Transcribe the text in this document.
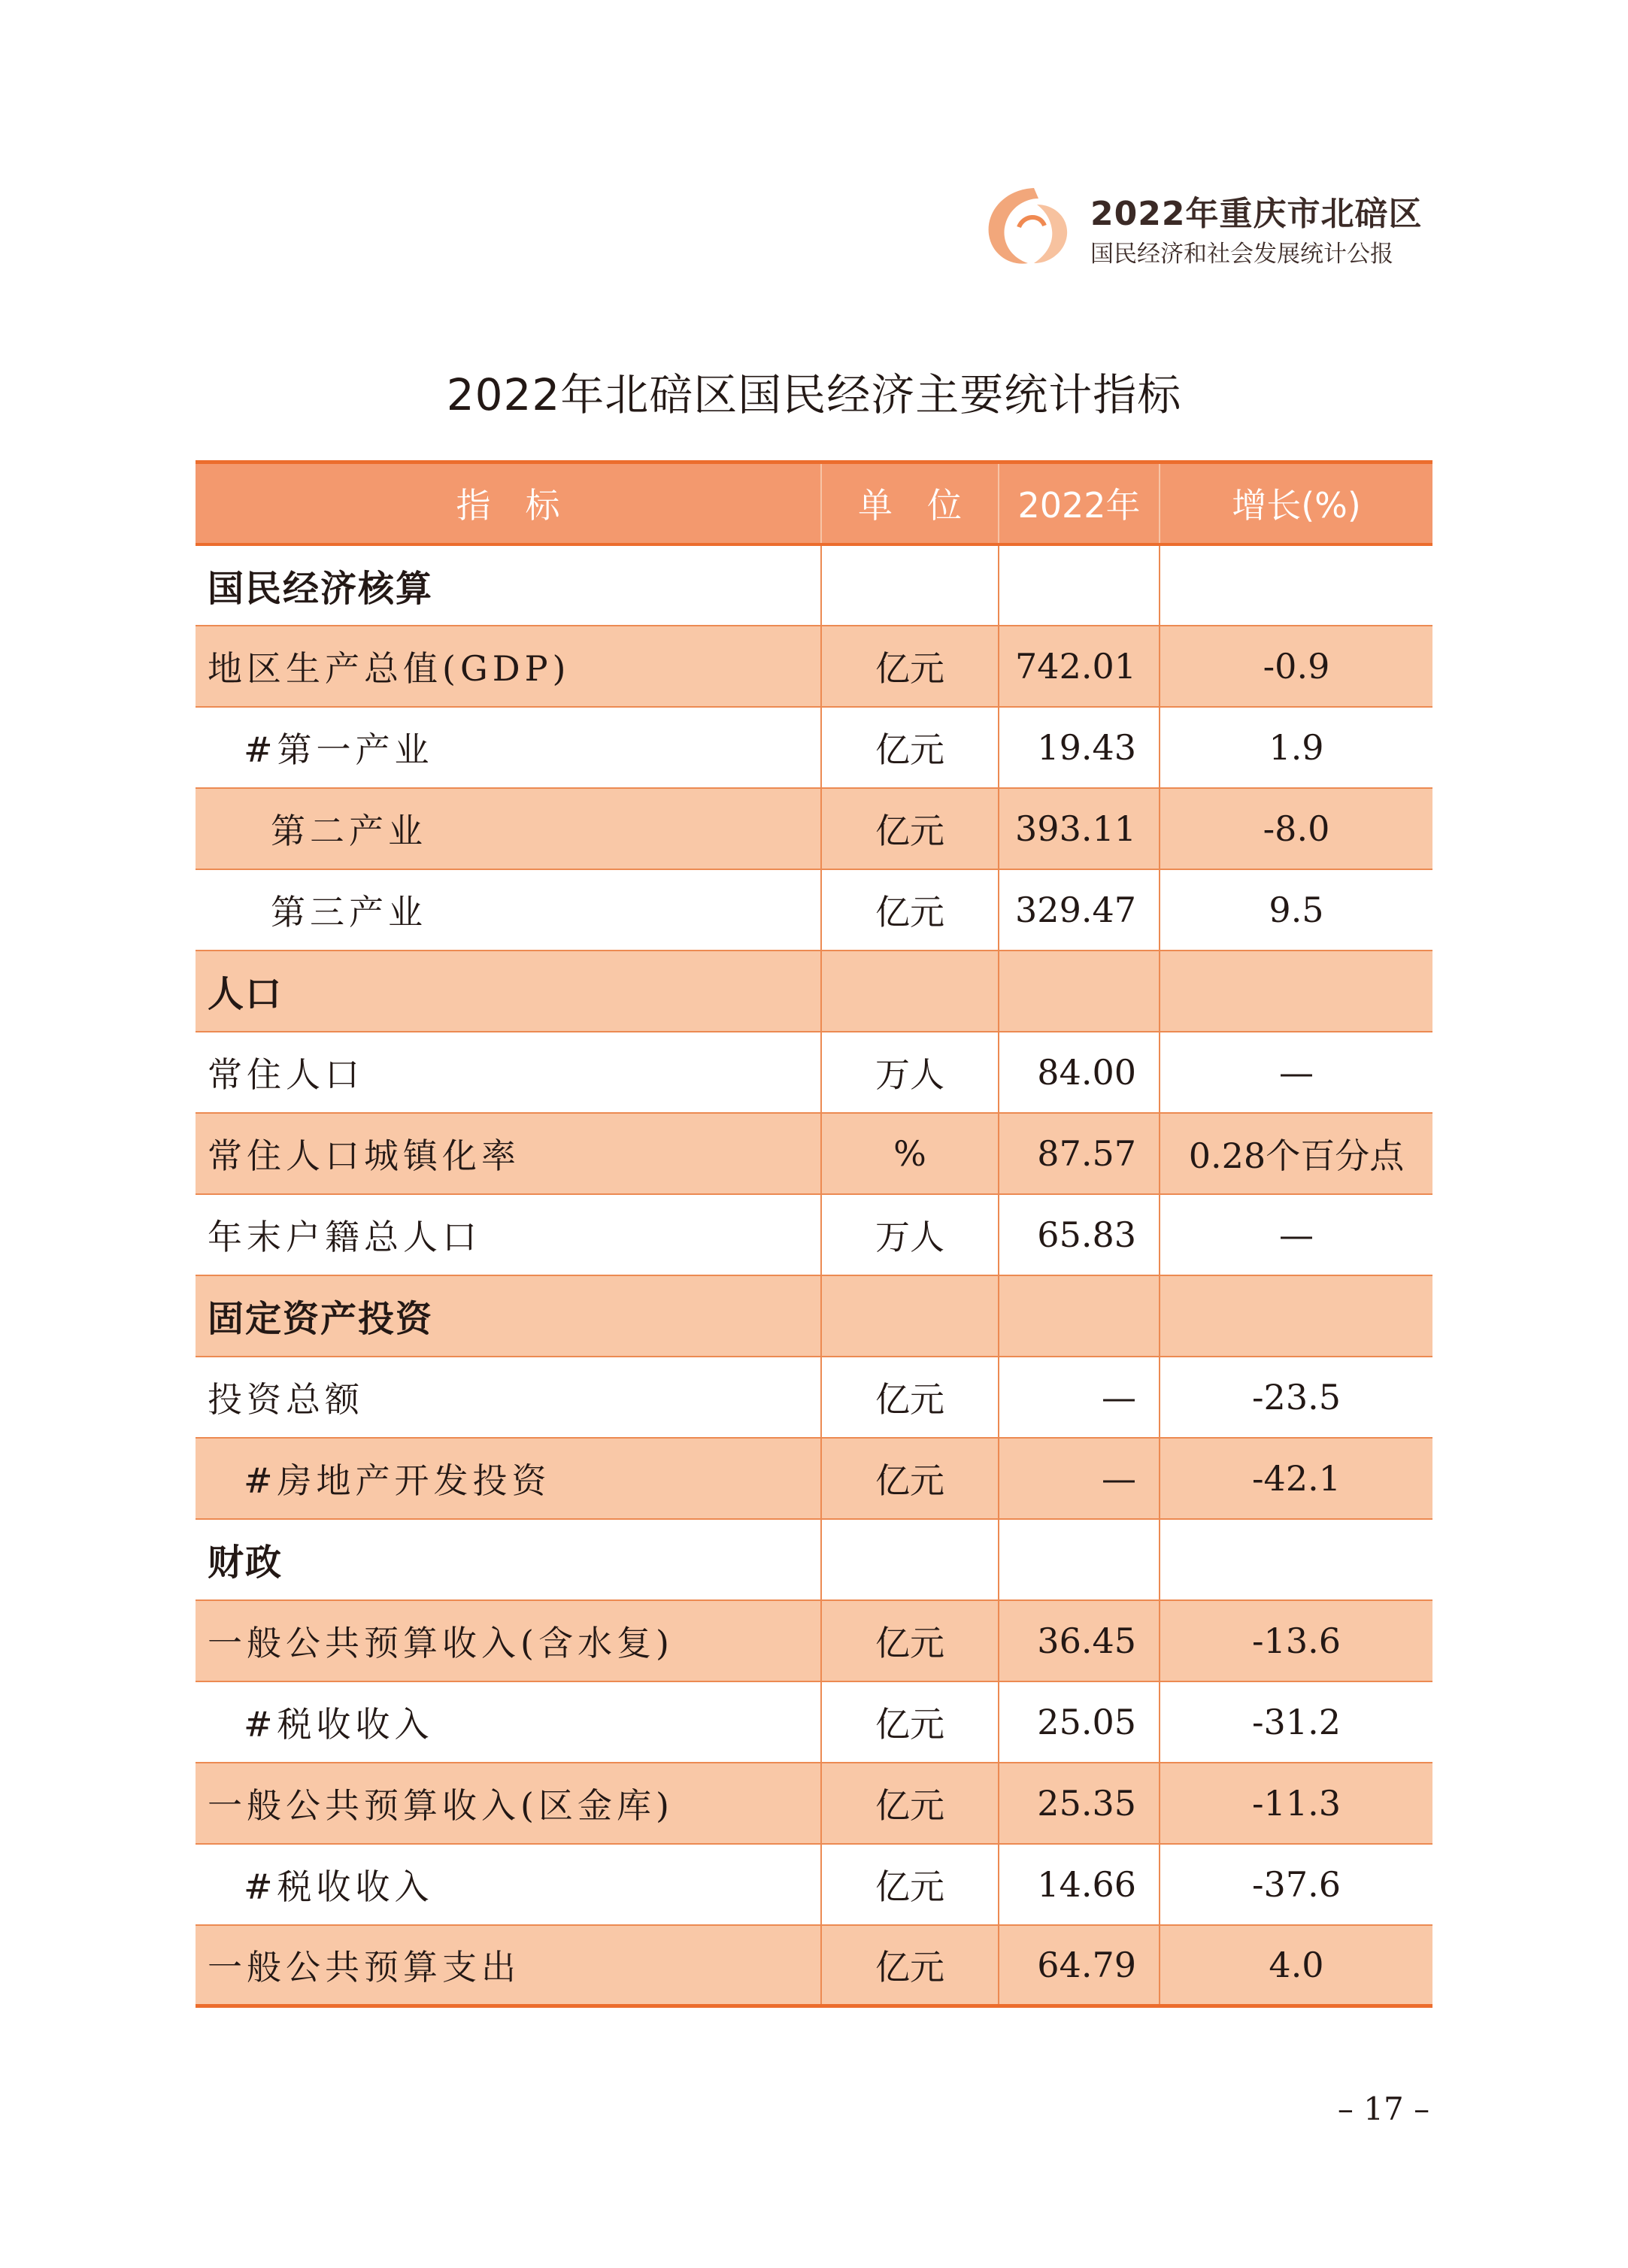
2022年重庆市北碚区
国民经济和社会发展统计公报
2022年北碚区国民经济主要统计指标
指　标	单　位	2022年	增长(%)
国民经济核算			
地区生产总值(GDP)	亿元	742.01	-0.9
#第一产业	亿元	19.43	1.9
第二产业	亿元	393.11	-8.0
第三产业	亿元	329.47	9.5
人口			
常住人口	万人	84.00	—
常住人口城镇化率	%	87.57	0.28个百分点
年末户籍总人口	万人	65.83	—
固定资产投资			
投资总额	亿元	—	-23.5
#房地产开发投资	亿元	—	-42.1
财政			
一般公共预算收入(含水复)	亿元	36.45	-13.6
#税收收入	亿元	25.05	-31.2
一般公共预算收入(区金库)	亿元	25.35	-11.3
#税收收入	亿元	14.66	-37.6
一般公共预算支出	亿元	64.79	4.0
– 17 –
